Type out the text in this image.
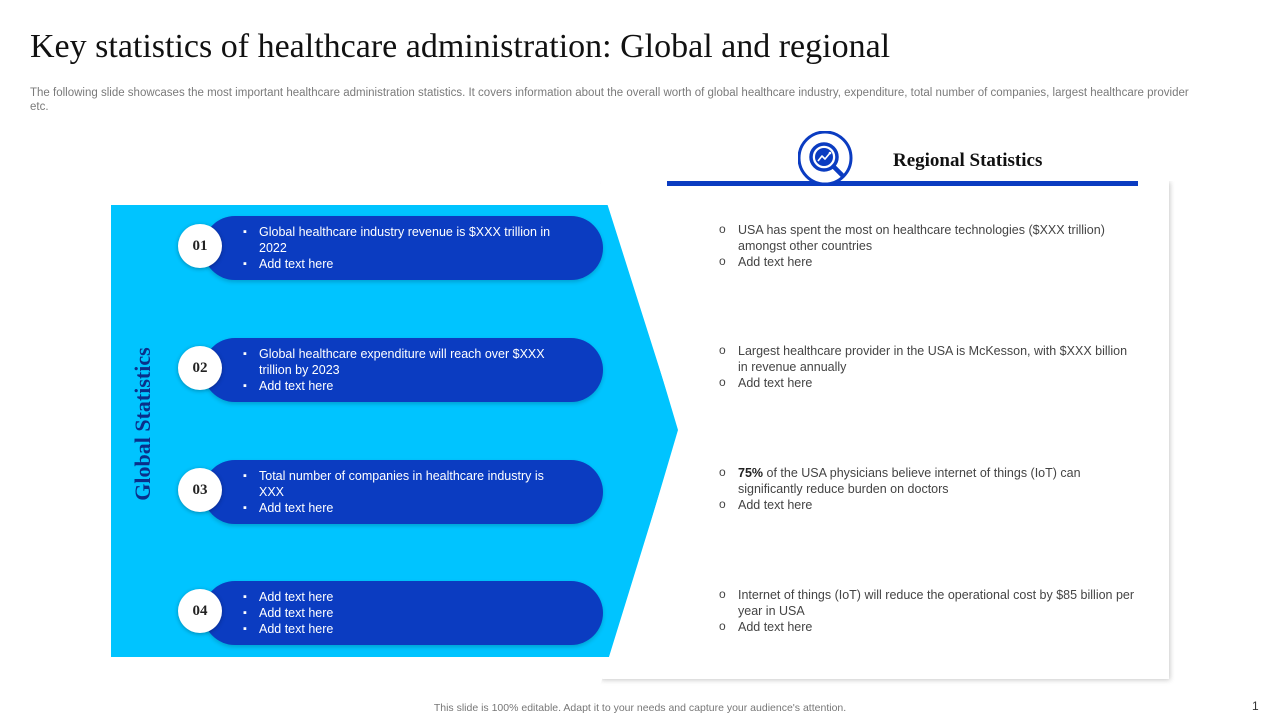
Key statistics of healthcare administration: Global and regional

The following slide showcases the most important healthcare administration statistics. It covers information about the overall worth of global healthcare industry, expenditure, total number of companies, largest healthcare provider etc.

Global Statistics
▪ Global healthcare industry revenue is $XXX trillion in 2022
▪ Add text here
01
▪ Global healthcare expenditure will reach over $XXX trillion by 2023
▪ Add text here
02
▪ Total number of companies in healthcare industry is XXX
▪ Add text here
03
▪ Add text here
▪ Add text here
▪ Add text here
04
Regional Statistics
o USA has spent the most on healthcare technologies ($XXX trillion) amongst other countries
o Add text here
o Largest healthcare provider in the USA is McKesson, with $XXX billion in revenue annually
o Add text here
o 75% of the USA physicians believe internet of things (IoT) can significantly reduce burden on doctors
o Add text here
o Internet of things (IoT) will reduce the operational cost by $85 billion per year in USA
o Add text here
This slide is 100% editable. Adapt it to your needs and capture your audience's attention.	1
